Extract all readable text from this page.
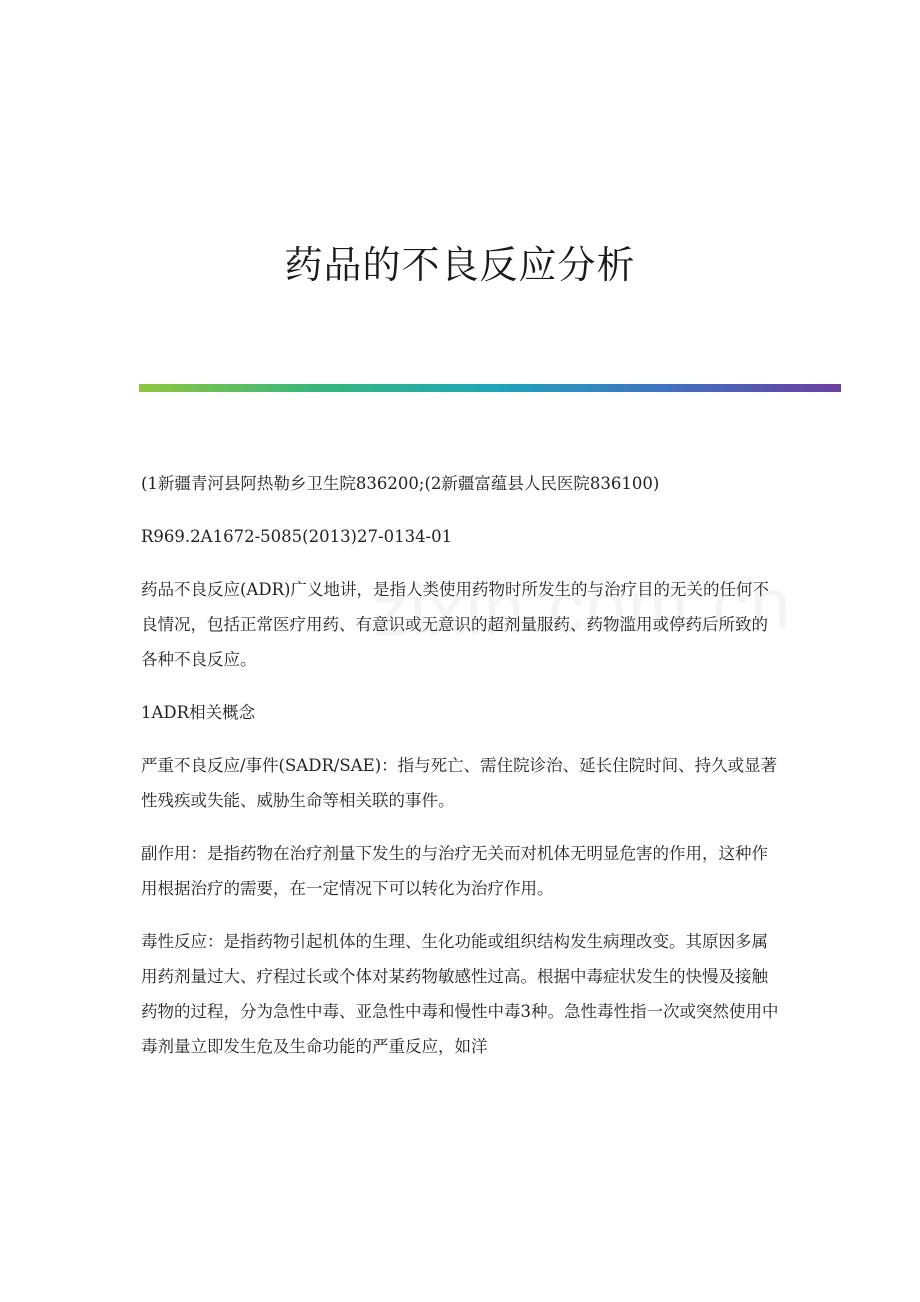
药品的不良反应分析

(1新疆青河县阿热勒乡卫生院836200;(2新疆富蕴县人民医院836100)

R969.2A1672-5085(2013)27-0134-01

药品不良反应(ADR)广义地讲，是指人类使用药物时所发生的与治疗目的无关的任何不良情况，包括正常医疗用药、有意识或无意识的超剂量服药、药物滥用或停药后所致的各种不良反应。

1ADR相关概念

严重不良反应/事件(SADR/SAE)：指与死亡、需住院诊治、延长住院时间、持久或显著性残疾或失能、威胁生命等相关联的事件。

副作用：是指药物在治疗剂量下发生的与治疗无关而对机体无明显危害的作用，这种作用根据治疗的需要，在一定情况下可以转化为治疗作用。

毒性反应：是指药物引起机体的生理、生化功能或组织结构发生病理改变。其原因多属用药剂量过大、疗程过长或个体对某药物敏感性过高。根据中毒症状发生的快慢及接触药物的过程，分为急性中毒、亚急性中毒和慢性中毒3种。急性毒性指一次或突然使用中毒剂量立即发生危及生命功能的严重反应，如洋
